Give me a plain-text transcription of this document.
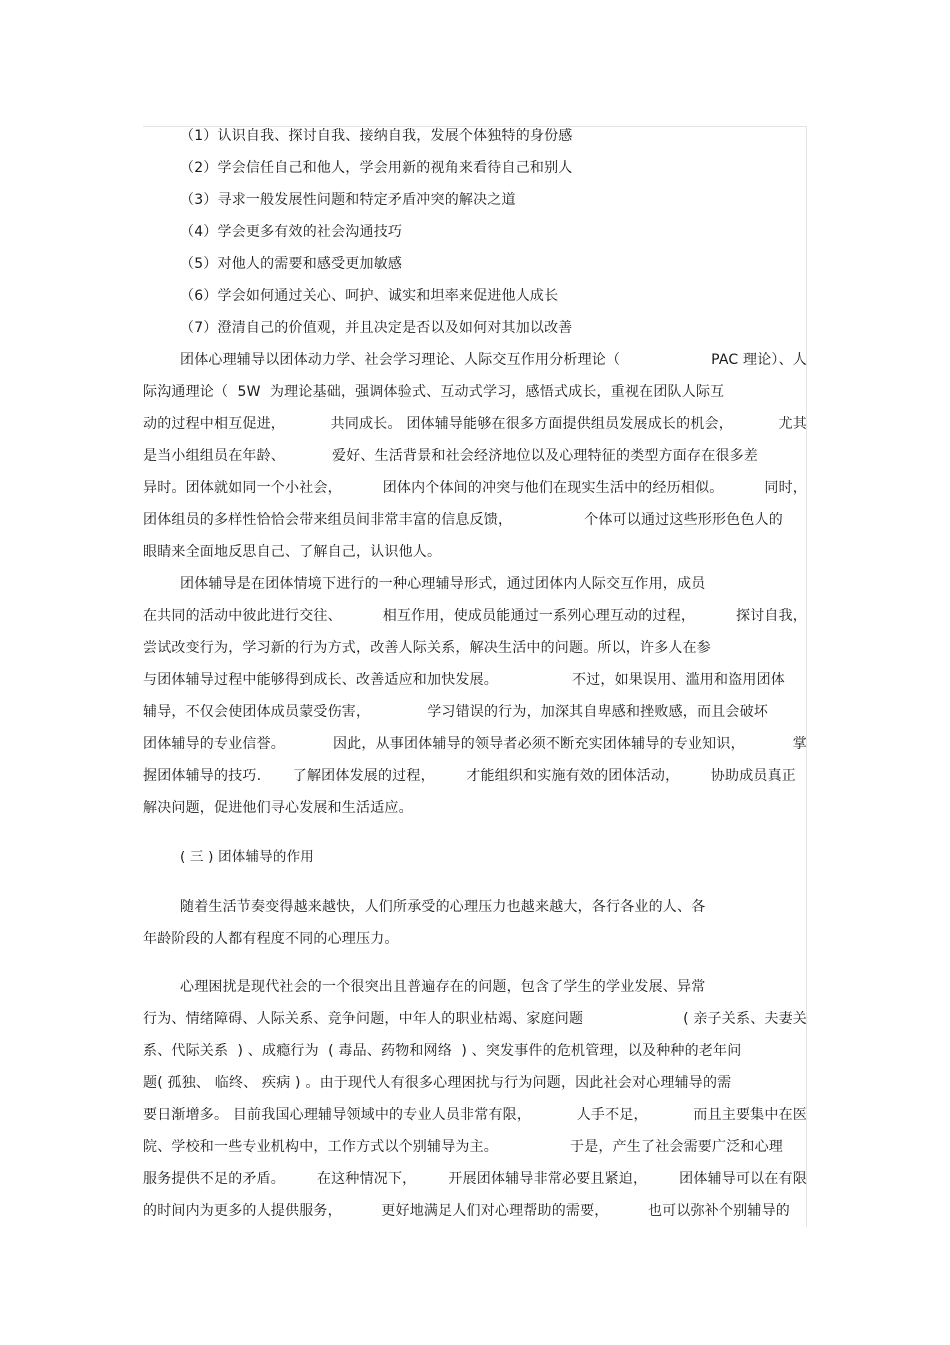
（1）认识自我、探讨自我、接纳自我，发展个体独特的身份感
（2）学会信任自己和他人，学会用新的视角来看待自己和别人
（3）寻求一般发展性问题和特定矛盾冲突的解决之道
（4）学会更多有效的社会沟通技巧
（5）对他人的需要和感受更加敏感
（6）学会如何通过关心、呵护、诚实和坦率来促进他人成长
（7）澄清自己的价值观，并且决定是否以及如何对其加以改善
团体心理辅导以团体动力学、社会学习理论、人际交互作用分析理论（	PAC 理论）、人
际沟通理论（  5W  为理论基础，强调体验式、互动式学习，感悟式成长，重视在团队人际互
动的过程中相互促进，	共同成长。 团体辅导能够在很多方面提供组员发展成长的机会，	尤其
是当小组组员在年龄、	爱好、生活背景和社会经济地位以及心理特征的类型方面存在很多差
异时。团体就如同一个小社会，	团体内个体间的冲突与他们在现实生活中的经历相似。	同时，
团体组员的多样性恰恰会带来组员间非常丰富的信息反馈，	个体可以通过这些形形色色人的
眼睛来全面地反思自己、了解自己，认识他人。
团体辅导是在团体情境下进行的一种心理辅导形式，通过团体内人际交互作用，成员
在共同的活动中彼此进行交往、	相互作用，使成员能通过一系列心理互动的过程，	探讨自我，
尝试改变行为，学习新的行为方式，改善人际关系，解决生活中的问题。所以，许多人在参
与团体辅导过程中能够得到成长、改善适应和加快发展。	不过，如果误用、滥用和盗用团体
辅导，不仅会使团体成员蒙受伤害，	学习错误的行为，加深其自卑感和挫败感，而且会破坏
团体辅导的专业信誉。	因此，从事团体辅导的领导者必须不断充实团体辅导的专业知识，	掌
握团体辅导的技巧. 了解团体发展的过程， 才能组织和实施有效的团体活动， 协助成员真正
解决问题，促进他们寻心发展和生活适应。
( 三 ) 团体辅导的作用
随着生活节奏变得越来越快，人们所承受的心理压力也越来越大，各行各业的人、各
年龄阶段的人都有程度不同的心理压力。
心理困扰是现代社会的一个很突出且普遍存在的问题，包含了学生的学业发展、异常
行为、情绪障碍、人际关系、竞争问题，中年人的职业枯竭、家庭问题	( 亲子关系、夫妻关
系、代际关系  ) 、成瘾行为  ( 毒品、药物和网络  ) 、突发事件的危机管理，以及种种的老年问
题( 孤独、 临终、 疾病 ) 。由于现代人有很多心理困扰与行为问题，因此社会对心理辅导的需
要日渐增多。 目前我国心理辅导领域中的专业人员非常有限，	人手不足，	而且主要集中在医
院、学校和一些专业机构中，工作方式以个别辅导为主。	于是，产生了社会需要广泛和心理
服务提供不足的矛盾。 在这种情况下， 开展团体辅导非常必要且紧迫， 团体辅导可以在有限
的时间内为更多的人提供服务，	更好地满足人们对心理帮助的需要，	也可以弥补个别辅导的
